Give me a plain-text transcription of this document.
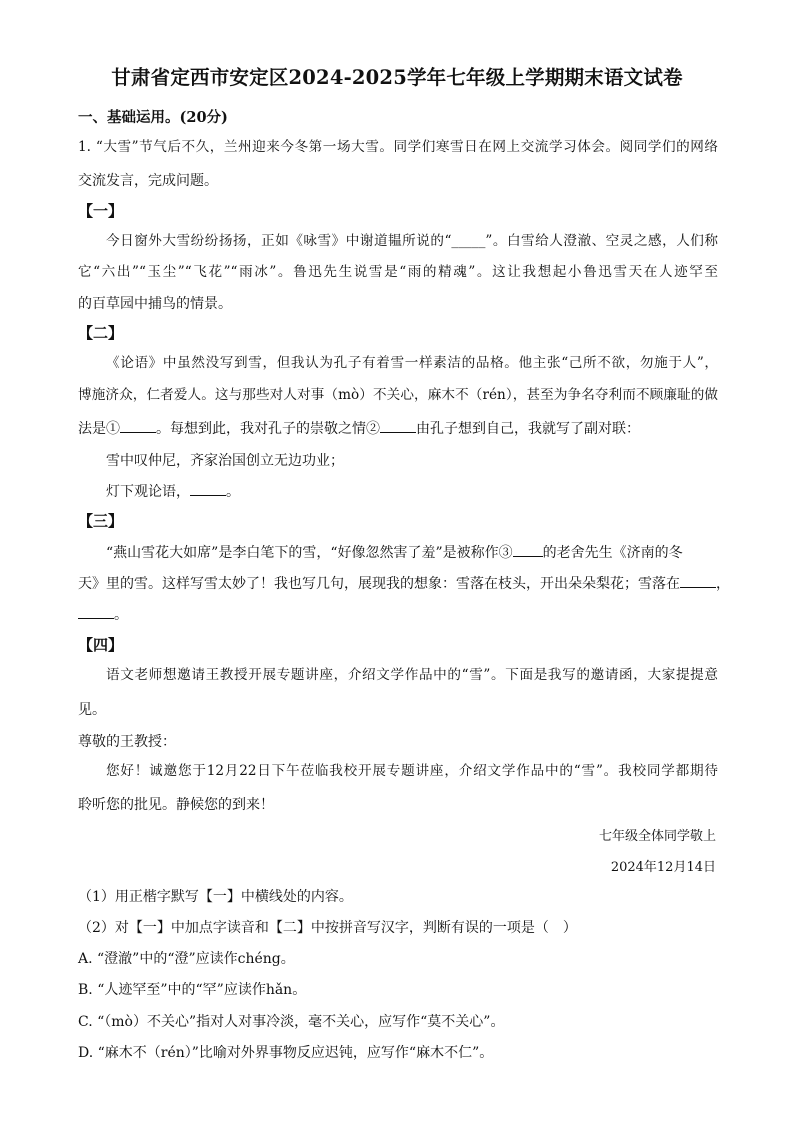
甘肃省定西市安定区2024-2025学年七年级上学期期末语文试卷
一、基础运用。(20分)
1. “大雪”节气后不久，兰州迎来今冬第一场大雪。同学们寒雪日在网上交流学习体会。阅同学们的网络
交流发言，完成问题。
【一】
今日窗外大雪纷纷扬扬，正如《咏雪》中谢道韫所说的“_____”。白雪给人澄澈、空灵之感，人们称
它“六出”“玉尘”“飞花”“雨冰”。鲁迅先生说雪是“雨的精魂”。这让我想起小鲁迅雪天在人迹罕至
的百草园中捕鸟的情景。
【二】
《论语》中虽然没写到雪，但我认为孔子有着雪一样素洁的品格。他主张“己所不欲，勿施于人”，
博施济众，仁者爱人。这与那些对人对事（mò）不关心，麻木不（rén），甚至为争名夺利而不顾廉耻的做
法是①	。每想到此，我对孔子的崇敬之情②	由孔子想到自己，我就写了副对联：
雪中叹仲尼，齐家治国创立无边功业；
灯下观论语，	。
【三】
“燕山雪花大如席”是李白笔下的雪，“好像忽然害了羞”是被称作③ 的老舍先生《济南的冬
天》里的雪。这样写雪太妙了！我也写几句，展现我的想象：雪落在枝头，开出朵朵梨花；雪落在	，
。
【四】
语文老师想邀请王教授开展专题讲座，介绍文学作品中的“雪”。下面是我写的邀请函，大家提提意
见。
尊敬的王教授：
您好！诚邀您于12月22日下午莅临我校开展专题讲座，介绍文学作品中的“雪”。我校同学都期待
聆听您的批见。静候您的到来！
七年级全体同学敬上
2024年12月14日
（1）用正楷字默写【一】中横线处的内容。
（2）对【一】中加点字读音和【二】中按拼音写汉字，判断有误的一项是（　）
A. “澄澈”中的“澄”应读作chéng。
B. “人迹罕至”中的“罕”应读作hǎn。
C. “（mò）不关心”指对人对事冷淡，毫不关心，应写作“莫不关心”。
D. “麻木不（rén）”比喻对外界事物反应迟钝，应写作“麻木不仁”。
